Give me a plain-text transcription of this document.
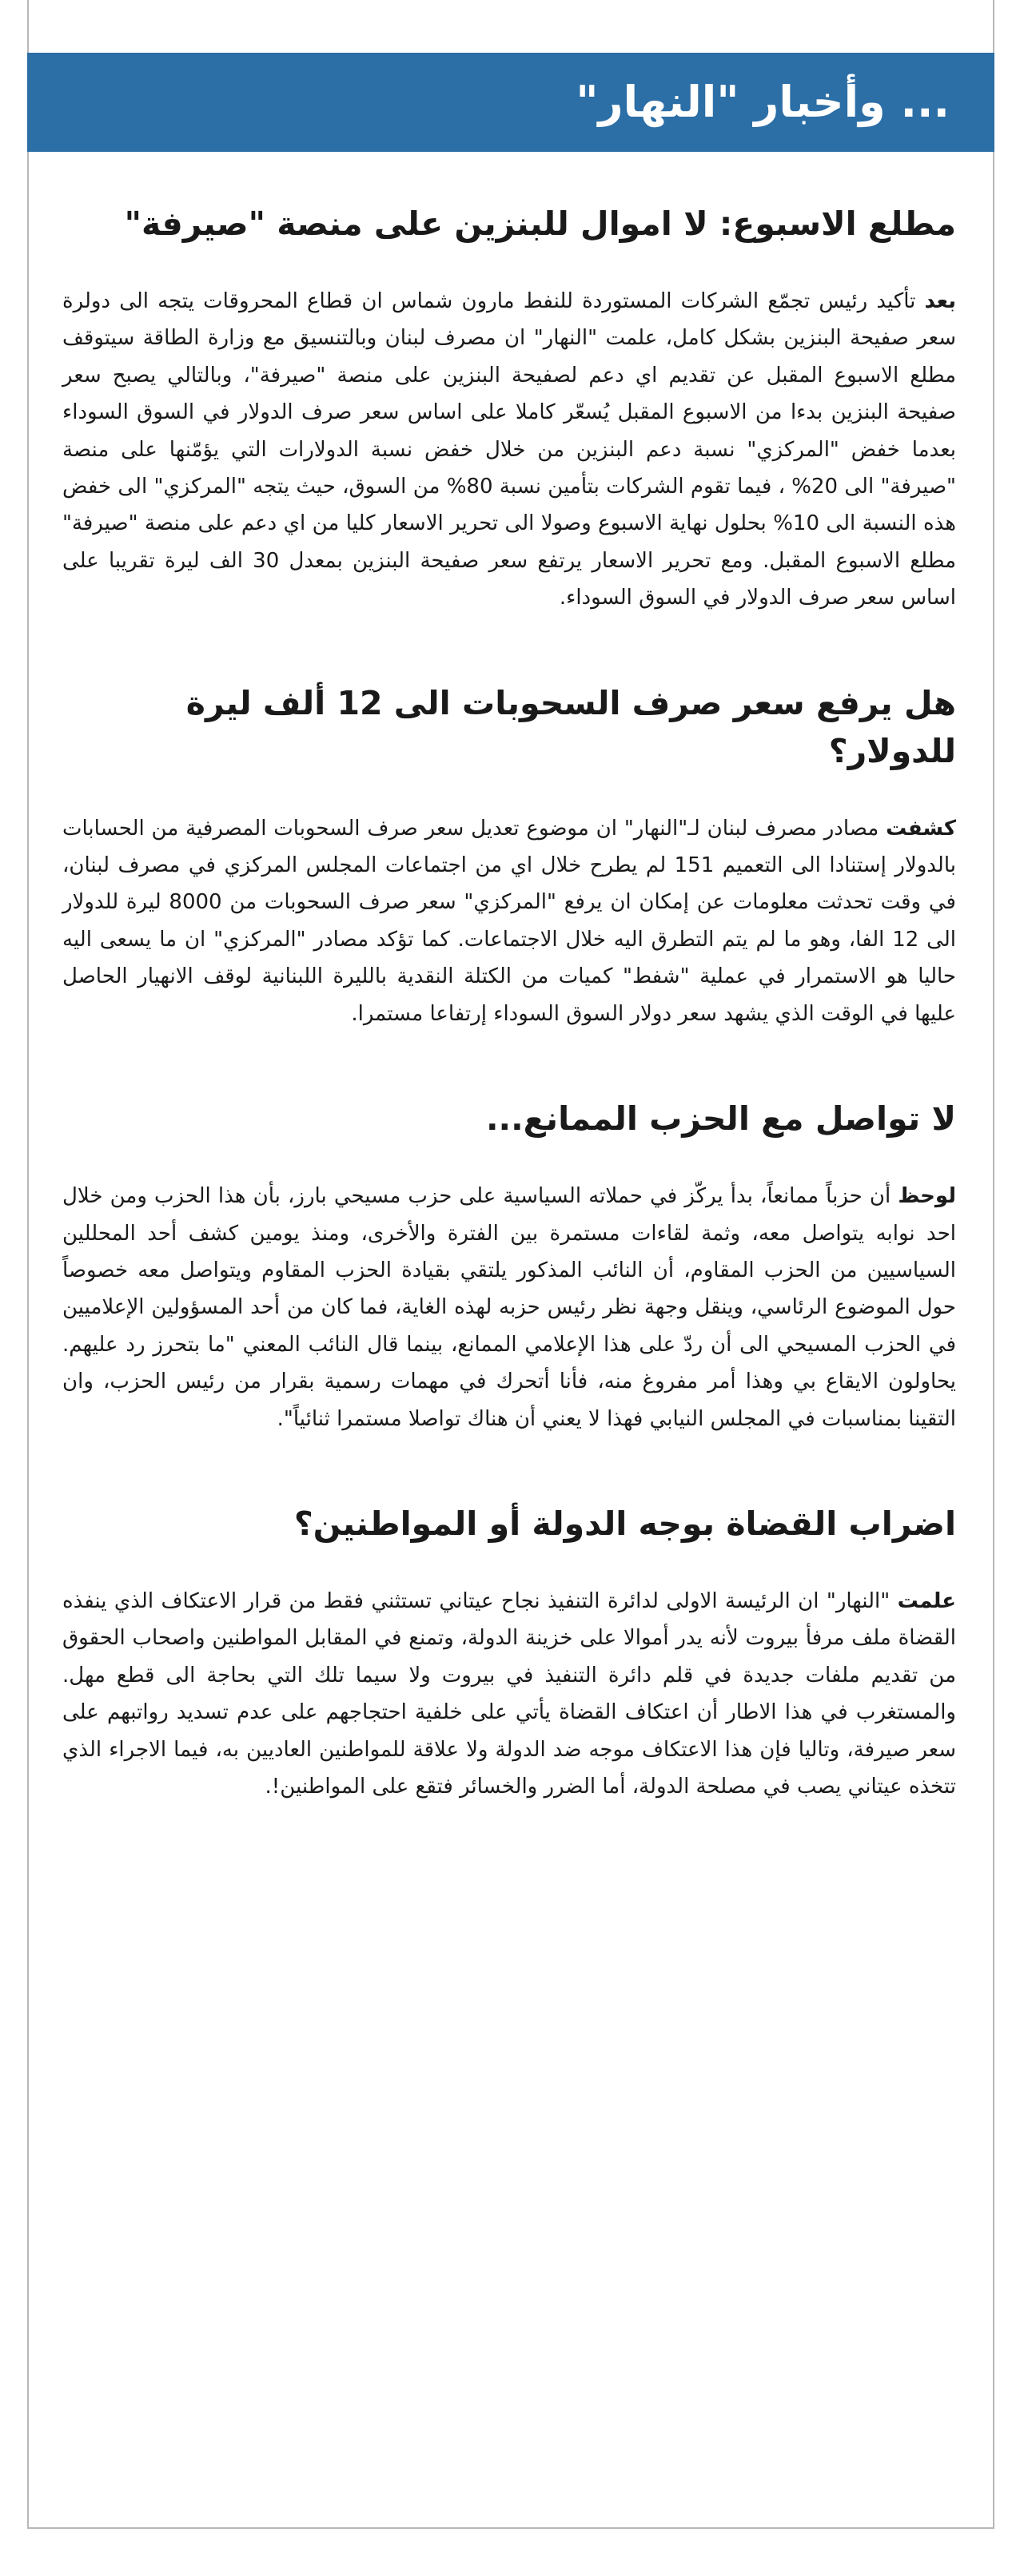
... وأخبار "النهار"
مطلع الاسبوع: لا اموال للبنزين على منصة "صيرفة"

بعد تأكيد رئيس تجمّع الشركات المستوردة للنفط مارون شماس ان قطاع المحروقات يتجه الى دولرة سعر صفيحة البنزين بشكل كامل، علمت "النهار" ان مصرف لبنان وبالتنسيق مع وزارة الطاقة سيتوقف مطلع الاسبوع المقبل عن تقديم اي دعم لصفيحة البنزين على منصة "صيرفة"، وبالتالي يصبح سعر صفيحة البنزين بدءا من الاسبوع المقبل يُسعّر كاملا على اساس سعر صرف الدولار في السوق السوداء بعدما خفض "المركزي" نسبة دعم البنزين من خلال خفض نسبة الدولارات التي يؤمّنها على منصة "صيرفة" الى 20% ، فيما تقوم الشركات بتأمين نسبة 80% من السوق، حيث يتجه "المركزي" الى خفض هذه النسبة الى 10% بحلول نهاية الاسبوع وصولا الى تحرير الاسعار كليا من اي دعم على منصة "صيرفة" مطلع الاسبوع المقبل. ومع تحرير الاسعار يرتفع سعر صفيحة البنزين بمعدل 30 الف ليرة تقريبا على اساس سعر صرف الدولار في السوق السوداء.

هل يرفع سعر صرف السحوبات الى 12 ألف ليرة للدولار؟

كشفت مصادر مصرف لبنان لـ"النهار" ان موضوع تعديل سعر صرف السحوبات المصرفية من الحسابات بالدولار إستنادا الى التعميم 151 لم يطرح خلال اي من اجتماعات المجلس المركزي في مصرف لبنان، في وقت تحدثت معلومات عن إمكان ان يرفع "المركزي" سعر صرف السحوبات من 8000 ليرة للدولار الى 12 الفا، وهو ما لم يتم التطرق اليه خلال الاجتماعات. كما تؤكد مصادر "المركزي" ان ما يسعى اليه حاليا هو الاستمرار في عملية "شفط" كميات من الكتلة النقدية بالليرة اللبنانية لوقف الانهيار الحاصل عليها في الوقت الذي يشهد سعر دولار السوق السوداء إرتفاعا مستمرا.

لا تواصل مع الحزب الممانع...

لوحظ أن حزباً ممانعاً، بدأ يركّز في حملاته السياسية على حزب مسيحي بارز، بأن هذا الحزب ومن خلال احد نوابه يتواصل معه، وثمة لقاءات مستمرة بين الفترة والأخرى، ومنذ يومين كشف أحد المحللين السياسيين من الحزب المقاوم، أن النائب المذكور يلتقي بقيادة الحزب المقاوم ويتواصل معه خصوصاً حول الموضوع الرئاسي، وينقل وجهة نظر رئيس حزبه لهذه الغاية، فما كان من أحد المسؤولين الإعلاميين في الحزب المسيحي الى أن ردّ على هذا الإعلامي الممانع، بينما قال النائب المعني "ما بتحرز رد عليهم. يحاولون الايقاع بي وهذا أمر مفروغ منه، فأنا أتحرك في مهمات رسمية بقرار من رئيس الحزب، وان التقينا بمناسبات في المجلس النيابي فهذا لا يعني أن هناك تواصلا مستمرا ثنائياً".

اضراب القضاة بوجه الدولة أو المواطنين؟

علمت "النهار" ان الرئيسة الاولى لدائرة التنفيذ نجاح عيتاني تستثني فقط من قرار الاعتكاف الذي ينفذه القضاة ملف مرفأ بيروت لأنه يدر أموالا على خزينة الدولة، وتمنع في المقابل المواطنين واصحاب الحقوق من تقديم ملفات جديدة في قلم دائرة التنفيذ في بيروت ولا سيما تلك التي بحاجة الى قطع مهل. والمستغرب في هذا الاطار أن اعتكاف القضاة يأتي على خلفية احتجاجهم على عدم تسديد رواتبهم على سعر صيرفة، وتاليا فإن هذا الاعتكاف موجه ضد الدولة ولا علاقة للمواطنين العاديين به، فيما الاجراء الذي تتخذه عيتاني يصب في مصلحة الدولة، أما الضرر والخسائر فتقع على المواطنين!.
